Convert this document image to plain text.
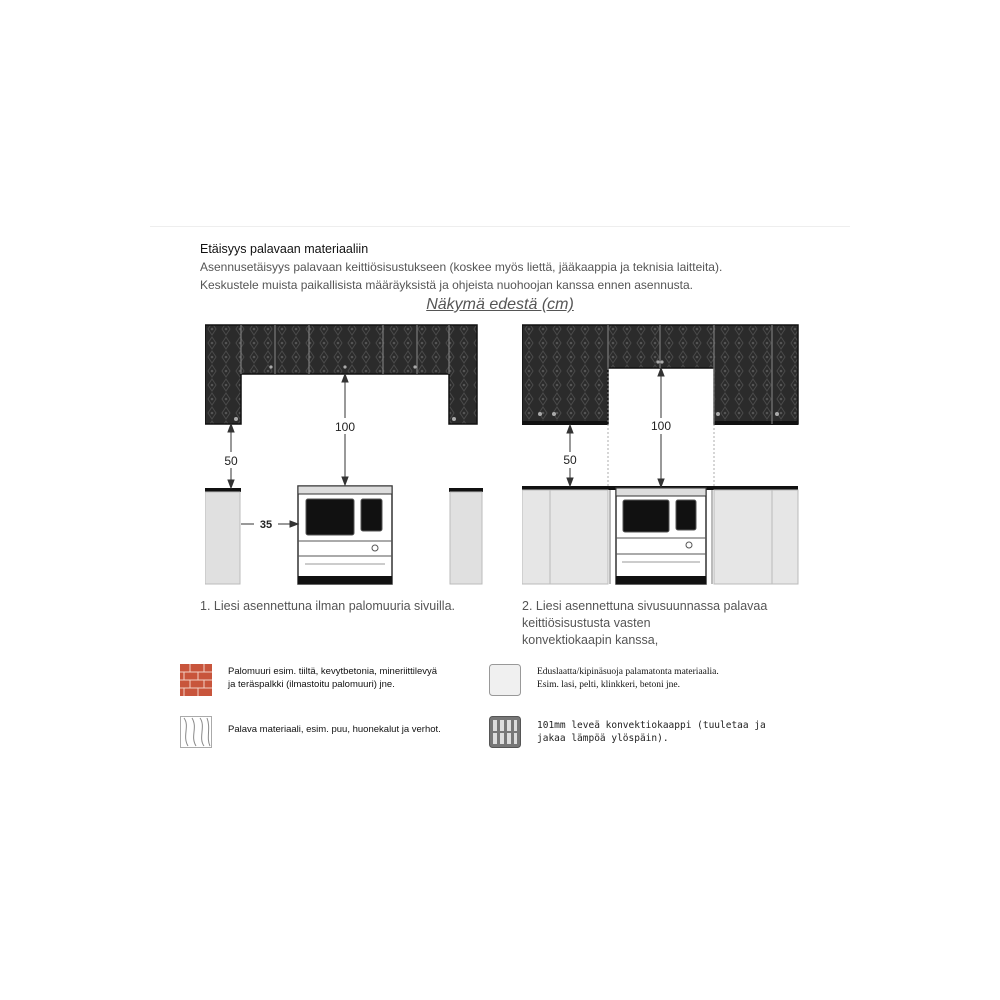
Etäisyys palavaan materiaaliin
Asennusetäisyys palavaan keittiösisustukseen (koskee myös liettä, jääkaappia ja teknisia laitteita).
Keskustele muista paikallisista määräyksistä ja ohjeista nuohoojan kanssa ennen asennusta.
Näkymä edestä (cm)
100
50
35
100
50
1. Liesi asennettuna ilman palomuuria sivuilla.	2. Liesi asennettuna sivusuunnassa palavaa
keittiösisustusta vasten
konvektiokaapin kanssa,
Palomuuri esim. tiiltä, kevytbetonia, mineriittilevyä
ja teräspalkki (ilmastoitu palomuuri) jne.
Eduslaatta/kipinäsuoja palamatonta materiaalia.
Esim. lasi, pelti, klinkkeri, betoni jne.
Palava materiaali, esim. puu, huonekalut ja verhot.	101mm leveä konvektiokaappi (tuuletaa ja
jakaa lämpöä ylöspäin).
